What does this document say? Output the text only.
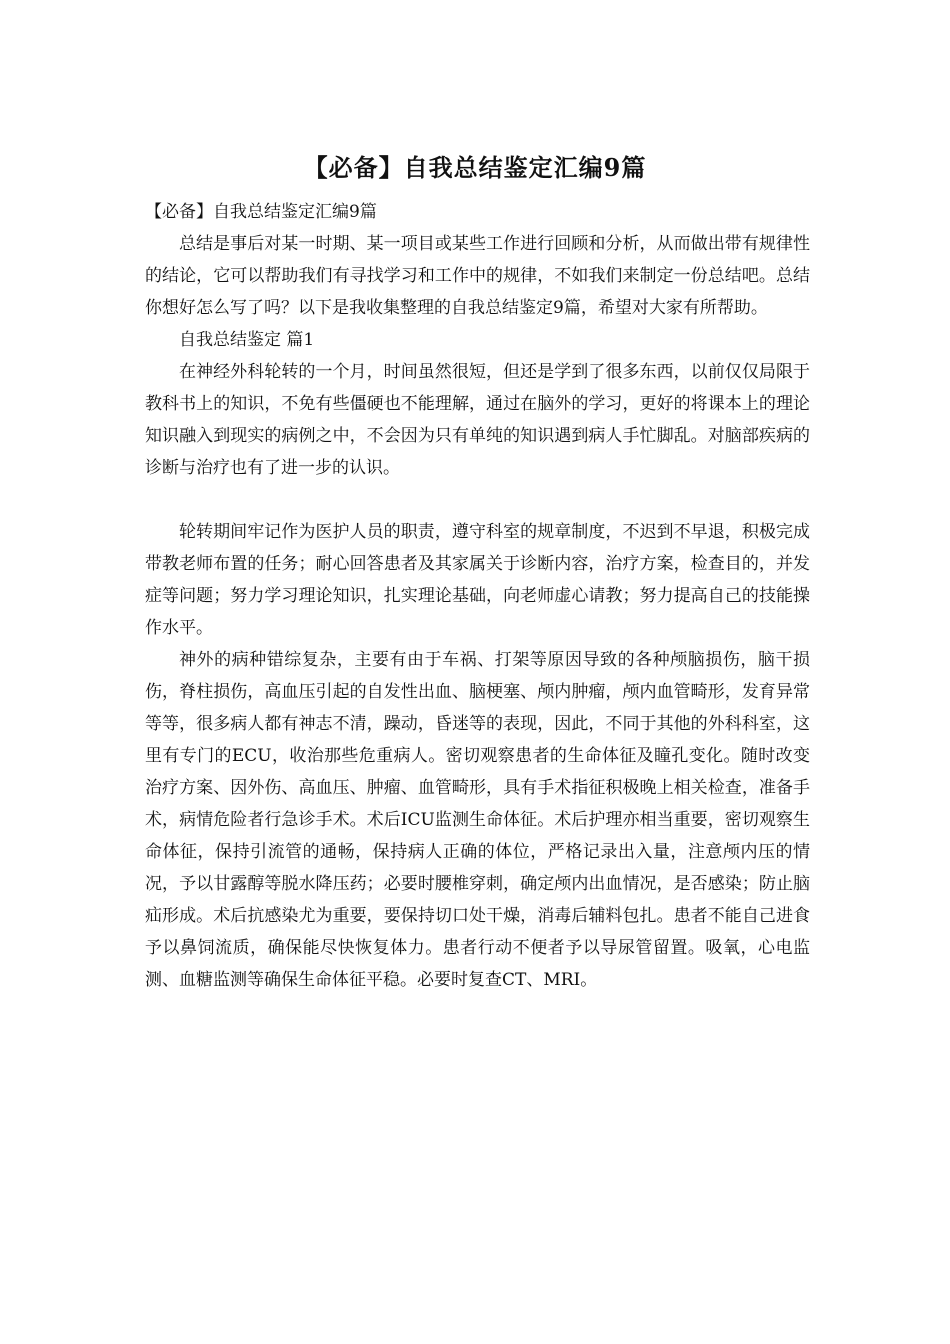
【必备】自我总结鉴定汇编9篇

【必备】自我总结鉴定汇编9篇

总结是事后对某一时期、某一项目或某些工作进行回顾和分析，从而做出带有规律性的结论，它可以帮助我们有寻找学习和工作中的规律，不如我们来制定一份总结吧。总结你想好怎么写了吗？以下是我收集整理的自我总结鉴定9篇，希望对大家有所帮助。

自我总结鉴定 篇1

在神经外科轮转的一个月，时间虽然很短，但还是学到了很多东西，以前仅仅局限于教科书上的知识，不免有些僵硬也不能理解，通过在脑外的学习，更好的将课本上的理论知识融入到现实的病例之中，不会因为只有单纯的知识遇到病人手忙脚乱。对脑部疾病的诊断与治疗也有了进一步的认识。

轮转期间牢记作为医护人员的职责，遵守科室的规章制度，不迟到不早退，积极完成带教老师布置的任务；耐心回答患者及其家属关于诊断内容，治疗方案，检查目的，并发症等问题；努力学习理论知识，扎实理论基础，向老师虚心请教；努力提高自己的技能操作水平。

神外的病种错综复杂，主要有由于车祸、打架等原因导致的各种颅脑损伤，脑干损伤，脊柱损伤，高血压引起的自发性出血、脑梗塞、颅内肿瘤，颅内血管畸形，发育异常等等，很多病人都有神志不清，躁动，昏迷等的表现，因此，不同于其他的外科科室，这里有专门的ECU，收治那些危重病人。密切观察患者的生命体征及瞳孔变化。随时改变治疗方案、因外伤、高血压、肿瘤、血管畸形，具有手术指征积极晚上相关检查，准备手术，病情危险者行急诊手术。术后ICU监测生命体征。术后护理亦相当重要，密切观察生命体征，保持引流管的通畅，保持病人正确的体位，严格记录出入量，注意颅内压的情况，予以甘露醇等脱水降压药；必要时腰椎穿刺，确定颅内出血情况，是否感染；防止脑疝形成。术后抗感染尤为重要，要保持切口处干燥，消毒后辅料包扎。患者不能自己进食予以鼻饲流质，确保能尽快恢复体力。患者行动不便者予以导尿管留置。吸氧，心电监测、血糖监测等确保生命体征平稳。必要时复查CT、MRI。
